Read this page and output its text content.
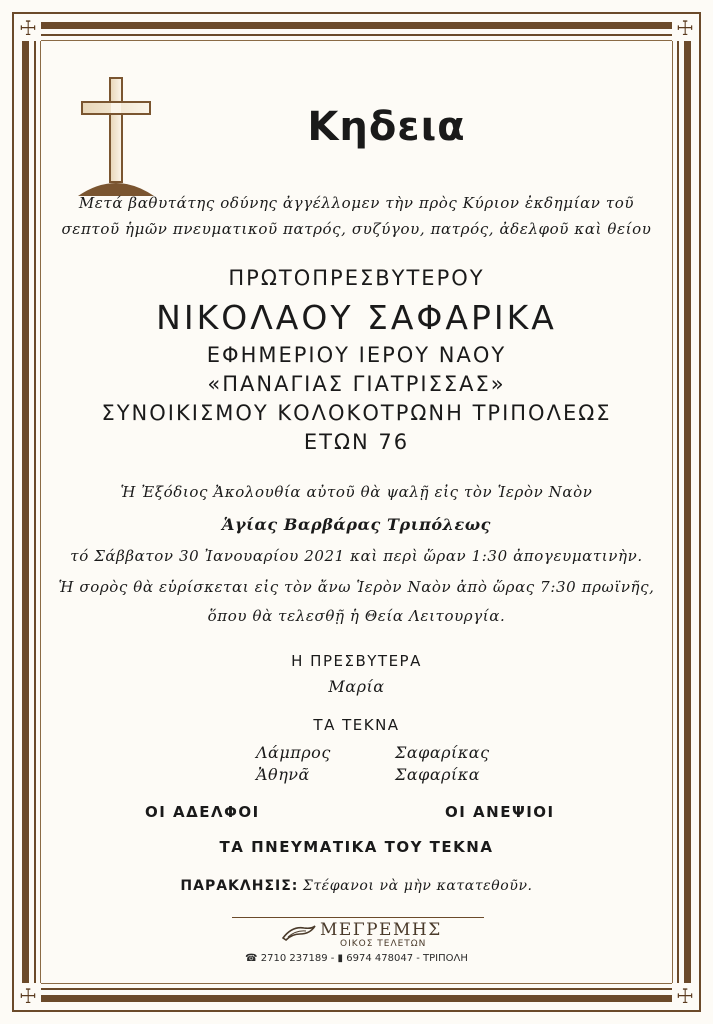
☩	☩
☩	☩
Κηδεια
Μετά βαθυτάτης οδύνης ἀγγέλλομεν τὴν πρὸς Κύριον ἐκδημίαν τοῦ
σεπτοῦ ἡμῶν πνευματικοῦ πατρός, συζύγου, πατρός, ἀδελφοῦ καὶ θείου
ΠΡΩΤΟΠΡΕΣΒΥΤΕΡΟΥ
ΝΙΚΟΛΑΟΥ ΣΑΦΑΡΙΚΑ
ΕΦΗΜΕΡΙΟΥ ΙΕΡΟΥ ΝΑΟΥ
«ΠΑΝΑΓΙΑΣ ΓΙΑΤΡΙΣΣΑΣ»
ΣΥΝΟΙΚΙΣΜΟΥ ΚΟΛΟΚΟΤΡΩΝΗ ΤΡΙΠΟΛΕΩΣ
ΕΤΩΝ 76
Ἡ Ἐξόδιος Ἀκολουθία αὐτοῦ θὰ ψαλῇ εἰς τὸν Ἱερὸν Ναὸν
Ἁγίας Βαρβάρας Τριπόλεως
τό Σάββατον 30 Ἰανουαρίου 2021 καὶ περὶ ὥραν 1:30 ἀπογευματινὴν.
Ἡ σορὸς θὰ εὑρίσκεται εἰς τὸν ἄνω Ἱερὸν Ναὸν ἀπὸ ὥρας 7:30 πρωϊνῆς,
ὅπου θὰ τελεσθῇ ἡ Θεία Λειτουργία.
Η ΠΡΕΣΒΥΤΕΡΑ
Μαρία
ΤΑ ΤΕΚΝΑ
Λάμπρος	Σαφαρίκας
Ἀθηνᾶ	Σαφαρίκα
ΟΙ ΑΔΕΛΦΟΙ	ΟΙ ΑΝΕΨΙΟΙ
ΤΑ ΠΝΕΥΜΑΤΙΚΑ ΤΟΥ ΤΕΚΝΑ
ΠΑΡΑΚΛΗΣΙΣ: Στέφανοι νὰ μὴν κατατεθοῦν.
ΜΕΓΡΕΜΗΣ
ΟΙΚΟΣ ΤΕΛΕΤΩΝ
☎ 2710 237189 - ▮ 6974 478047 - ΤΡΙΠΟΛΗ
